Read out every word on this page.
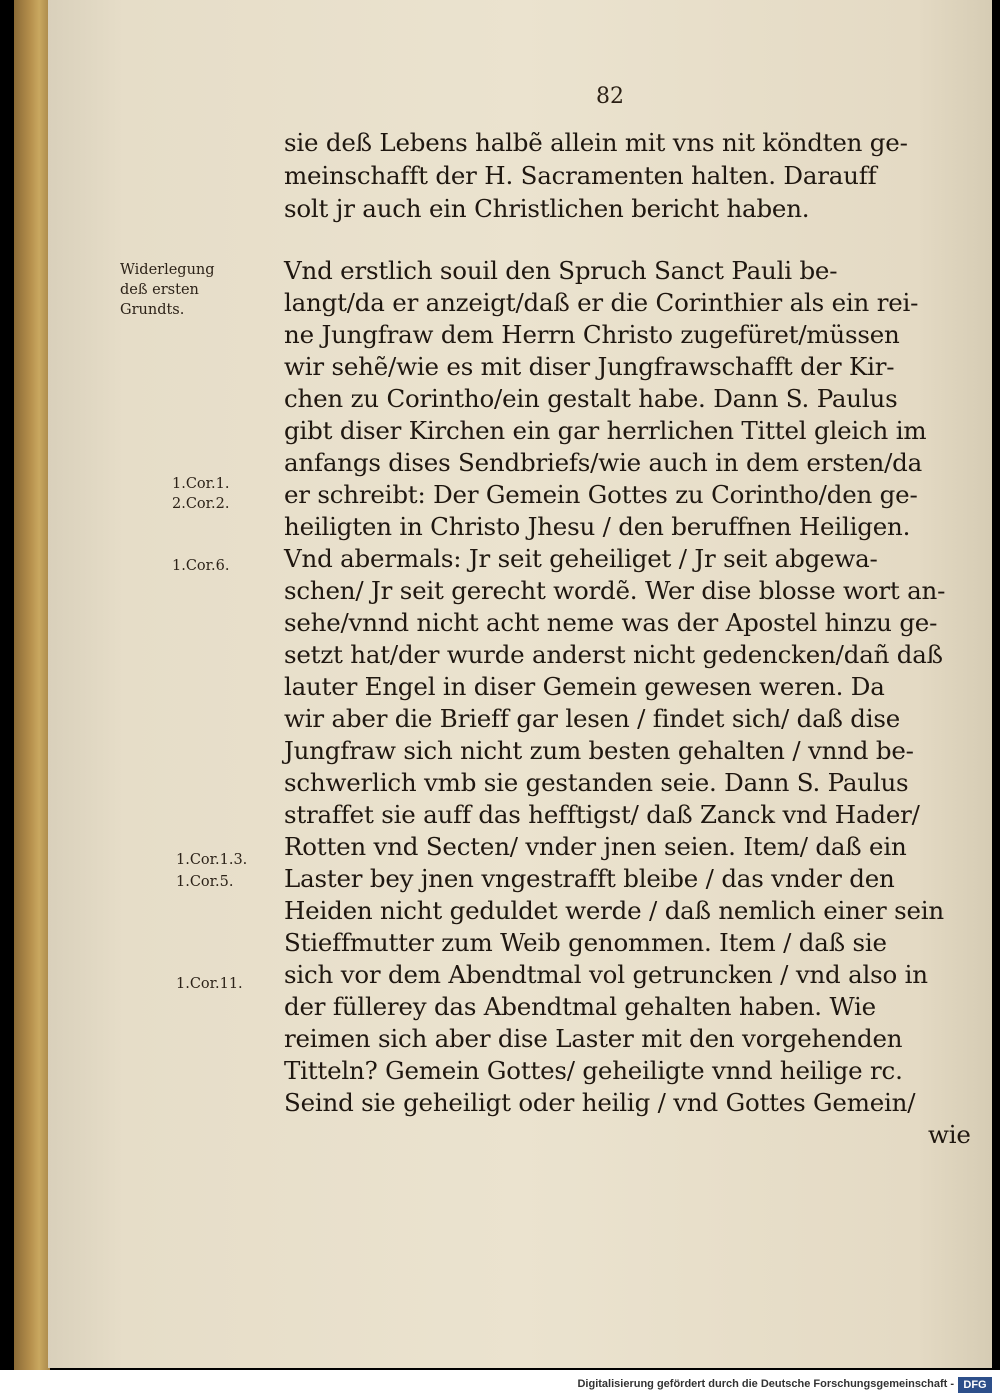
82
sie deß Lebens halbẽ allein mit vns nit köndten ge-
meinschafft der H. Sacramenten halten. Darauff
solt jr auch ein Christlichen bericht haben.
Vnd erstlich souil den Spruch Sanct Pauli be-
langt/da er anzeigt/daß er die Corinthier als ein rei-
ne Jungfraw dem Herrn Christo zugefüret/müssen
wir sehẽ/wie es mit diser Jungfrawschafft der Kir-
chen zu Corintho/ein gestalt habe. Dann S. Paulus
gibt diser Kirchen ein gar herrlichen Tittel gleich im
anfangs dises Sendbriefs/wie auch in dem ersten/da
er schreibt: Der Gemein Gottes zu Corintho/den ge-
heiligten in Christo Jhesu / den beruffnen Heiligen.
Vnd abermals: Jr seit geheiliget / Jr seit abgewa-
schen/ Jr seit gerecht wordẽ. Wer dise blosse wort an-
sehe/vnnd nicht acht neme was der Apostel hinzu ge-
setzt hat/der wurde anderst nicht gedencken/dañ daß
lauter Engel in diser Gemein gewesen weren. Da
wir aber die Brieff gar lesen / findet sich/ daß dise
Jungfraw sich nicht zum besten gehalten / vnnd be-
schwerlich vmb sie gestanden seie. Dann S. Paulus
straffet sie auff das hefftigst/ daß Zanck vnd Hader/
Rotten vnd Secten/ vnder jnen seien. Item/ daß ein
Laster bey jnen vngestrafft bleibe / das vnder den
Heiden nicht geduldet werde / daß nemlich einer sein
Stieffmutter zum Weib genommen. Item / daß sie
sich vor dem Abendtmal vol getruncken / vnd also in
der füllerey das Abendtmal gehalten haben. Wie
reimen sich aber dise Laster mit den vorgehenden
Titteln? Gemein Gottes/ geheiligte vnnd heilige rc.
Seind sie geheiligt oder heilig / vnd Gottes Gemein/
wie
Widerlegung
deß ersten
Grundts.
1.Cor.1.
2.Cor.2.
1.Cor.6.
1.Cor.1.3.
1.Cor.5.
1.Cor.11.
Digitalisierung gefördert durch die Deutsche Forschungsgemeinschaft - DFG
